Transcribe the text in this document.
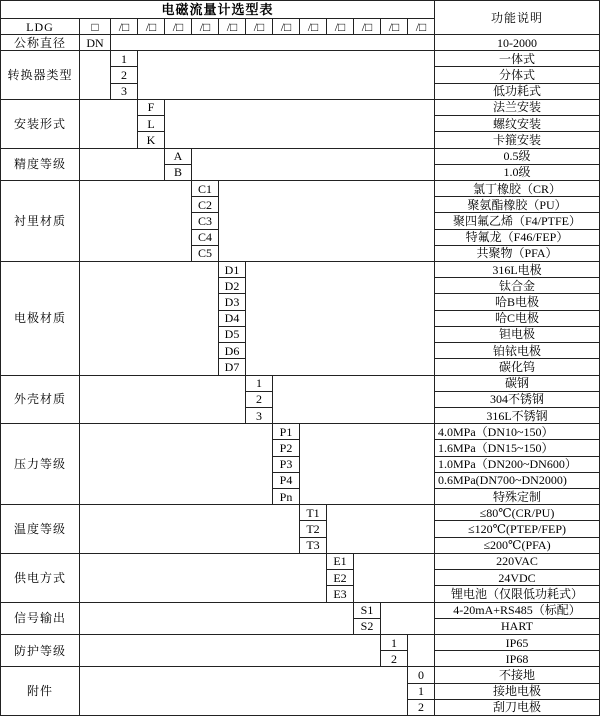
电磁流量计选型表
功能说明
LDG	□	/□	/□	/□	/□	/□	/□	/□	/□	/□	/□	/□	/□
公称直径	DN	10-2000
转换器类型
1	一体式
2	分体式
3	低功耗式
安装形式
F	法兰安装
L	螺纹安装
K	卡箍安装
精度等级
A	0.5级
B	1.0级
衬里材质
C1	氯丁橡胶（CR）
C2	聚氨酯橡胶（PU）
C3	聚四氟乙烯（F4/PTFE）
C4	特氟龙（F46/FEP）
C5	共聚物（PFA）
电极材质
D1	316L电极
D2	钛合金
D3	哈B电极
D4	哈C电极
D5	钽电极
D6	铂铱电极
D7	碳化钨
外壳材质
1	碳钢
2	304不锈钢
3	316L不锈钢
压力等级
P1	4.0MPa（DN10~150）
P2	1.6MPa（DN15~150）
P3	1.0MPa（DN200~DN600）
P4	0.6MPa(DN700~DN2000)
Pn	特殊定制
温度等级
T1	≤80℃(CR/PU)
T2	≤120℃(PTEP/FEP)
T3	≤200℃(PFA)
供电方式
E1	220VAC
E2	24VDC
E3	锂电池（仅限低功耗式）
信号输出
S1	4-20mA+RS485（标配）
S2	HART
防护等级
1	IP65
2	IP68
附件
0	不接地
1	接地电极
2	刮刀电极
